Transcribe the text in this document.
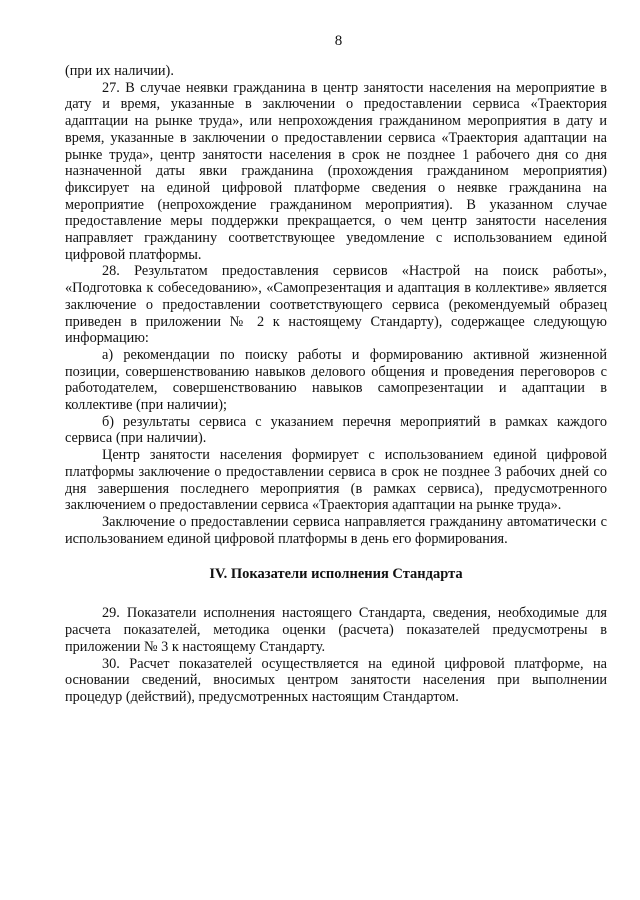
8

(при их наличии).

27. В случае неявки гражданина в центр занятости населения на мероприятие в дату и время, указанные в заключении о предоставлении сервиса «Траектория адаптации на рынке труда», или непрохождения гражданином мероприятия в дату и время, указанные в заключении о предоставлении сервиса «Траектория адаптации на рынке труда», центр занятости населения в срок не позднее 1 рабочего дня со дня назначенной даты явки гражданина (прохождения гражданином мероприятия) фиксирует на единой цифровой платформе сведения о неявке гражданина на мероприятие (непрохождение гражданином мероприятия). В указанном случае предоставление меры поддержки прекращается, о чем центр занятости населения направляет гражданину соответствующее уведомление с использованием единой цифровой платформы.

28. Результатом предоставления сервисов «Настрой на поиск работы», «Подготовка к собеседованию», «Самопрезентация и адаптация в коллективе» является заключение о предоставлении соответствующего сервиса (рекомендуемый образец приведен в приложении № 2 к настоящему Стандарту), содержащее следующую информацию:

а) рекомендации по поиску работы и формированию активной жизненной позиции, совершенствованию навыков делового общения и проведения переговоров с работодателем, совершенствованию навыков самопрезентации и адаптации в коллективе (при наличии);

б) результаты сервиса с указанием перечня мероприятий в рамках каждого сервиса (при наличии).

Центр занятости населения формирует с использованием единой цифровой платформы заключение о предоставлении сервиса в срок не позднее 3 рабочих дней со дня завершения последнего мероприятия (в рамках сервиса), предусмотренного заключением о предоставлении сервиса «Траектория адаптации на рынке труда».

Заключение о предоставлении сервиса направляется гражданину автоматически с использованием единой цифровой платформы в день его формирования.

IV. Показатели исполнения Стандарта

29. Показатели исполнения настоящего Стандарта, сведения, необходимые для расчета показателей, методика оценки (расчета) показателей предусмотрены в приложении № 3 к настоящему Стандарту.

30. Расчет показателей осуществляется на единой цифровой платформе, на основании сведений, вносимых центром занятости населения при выполнении процедур (действий), предусмотренных настоящим Стандартом.
